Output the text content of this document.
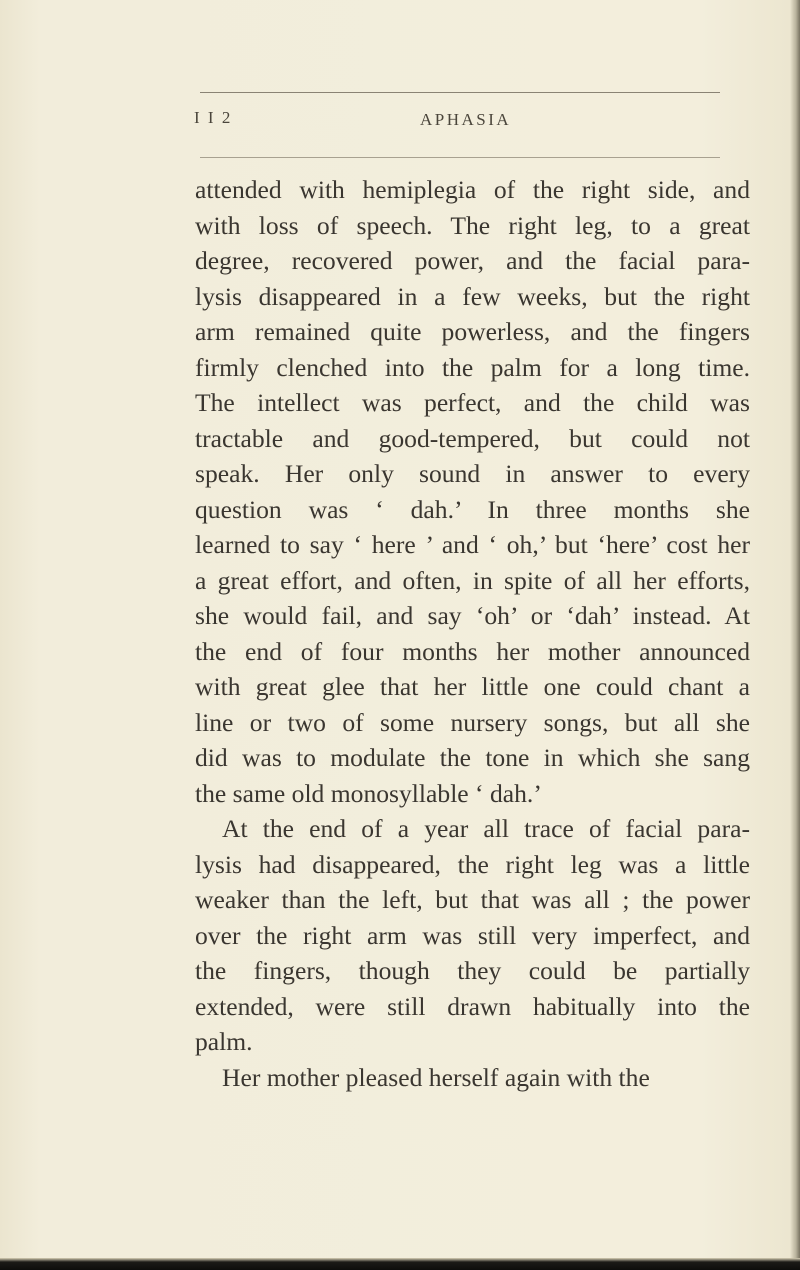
I I 2	APHASIA
attended with hemiplegia of the right side, and
with loss of speech. The right leg, to a great
degree, recovered power, and the facial para-
lysis disappeared in a few weeks, but the right
arm remained quite powerless, and the fingers
firmly clenched into the palm for a long time.
The intellect was perfect, and the child was
tractable and good-tempered, but could not
speak. Her only sound in answer to every
question was ‘ dah.’ In three months she
learned to say ‘ here ’ and ‘ oh,’ but ‘here’ cost her
a great effort, and often, in spite of all her efforts,
she would fail, and say ‘oh’ or ‘dah’ instead. At
the end of four months her mother announced
with great glee that her little one could chant a
line or two of some nursery songs, but all she
did was to modulate the tone in which she sang
the same old monosyllable ‘ dah.’
At the end of a year all trace of facial para-
lysis had disappeared, the right leg was a little
weaker than the left, but that was all ; the power
over the right arm was still very imperfect, and
the fingers, though they could be partially
extended, were still drawn habitually into the
palm.
Her mother pleased herself again with the
